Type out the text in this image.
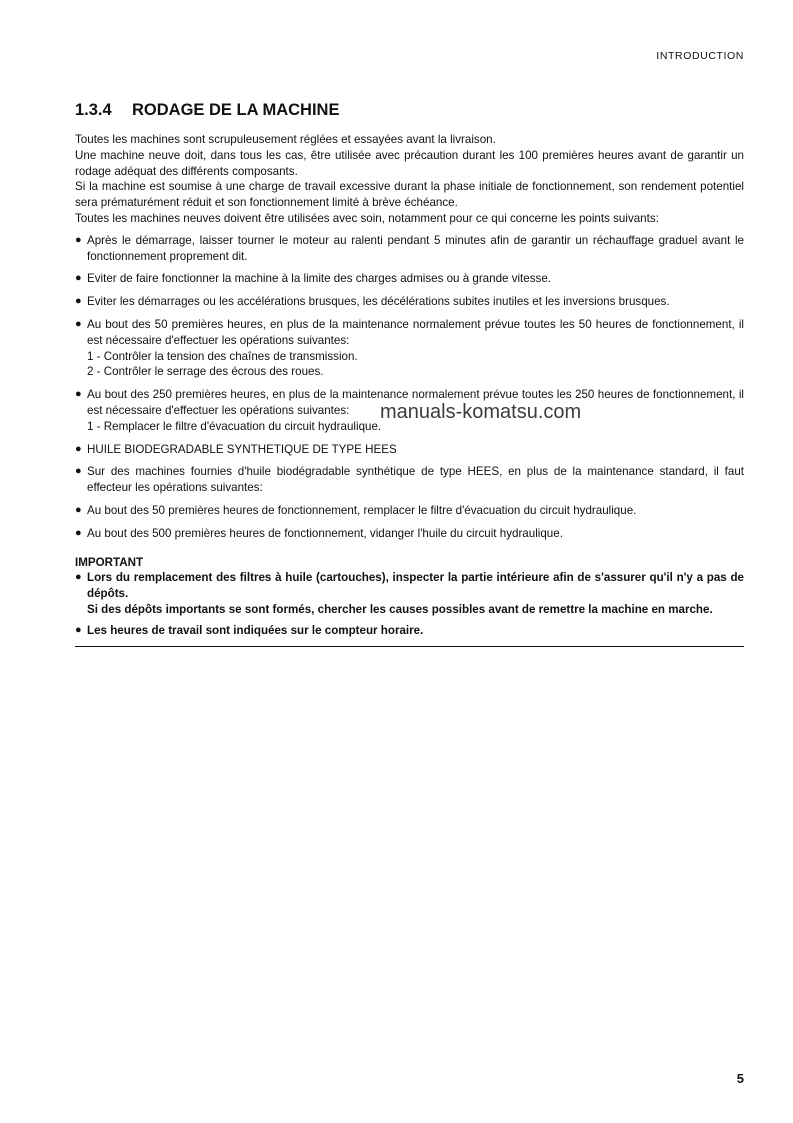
INTRODUCTION
1.3.4 RODAGE DE LA MACHINE

Toutes les machines sont scrupuleusement réglées et essayées avant la livraison.

Une machine neuve doit, dans tous les cas, être utilisée avec précaution durant les 100 premières heures avant de garantir un rodage adéquat des différents composants.

Si la machine est soumise à une charge de travail excessive durant la phase initiale de fonctionnement, son rendement potentiel sera prématurément réduit et son fonctionnement limité à brève échéance.

Toutes les machines neuves doivent être utilisées avec soin, notamment pour ce qui concerne les points suivants:

● Après le démarrage, laisser tourner le moteur au ralenti pendant 5 minutes afin de garantir un réchauffage graduel avant le fonctionnement proprement dit.
● Eviter de faire fonctionner la machine à la limite des charges admises ou à grande vitesse.
● Eviter les démarrages ou les accélérations brusques, les décélérations subites inutiles et les inversions brusques.
● Au bout des 50 premières heures, en plus de la maintenance normalement prévue toutes les 50 heures de fonctionnement, il est nécessaire d'effectuer les opérations suivantes:
1 - Contrôler la tension des chaînes de transmission.
2 - Contrôler le serrage des écrous des roues.
● Au bout des 250 premières heures, en plus de la maintenance normalement prévue toutes les 250 heures de fonctionnement, il est nécessaire d'effectuer les opérations suivantes:
1 - Remplacer le filtre d'évacuation du circuit hydraulique.
● HUILE BIODEGRADABLE SYNTHETIQUE DE TYPE HEES
● Sur des machines fournies d'huile biodégradable synthétique de type HEES, en plus de la maintenance standard, il faut effecteur les opérations suivantes:
● Au bout des 50 premières heures de fonctionnement, remplacer le filtre d'évacuation du circuit hydraulique.
● Au bout des 500 premières heures de fonctionnement, vidanger l'huile du circuit hydraulique.

IMPORTANT

● Lors du remplacement des filtres à huile (cartouches), inspecter la partie intérieure afin de s'assurer qu'il n'y a pas de dépôts.
Si des dépôts importants se sont formés, chercher les causes possibles avant de remettre la machine en marche.
● Les heures de travail sont indiquées sur le compteur horaire.
manuals-komatsu.com
5
